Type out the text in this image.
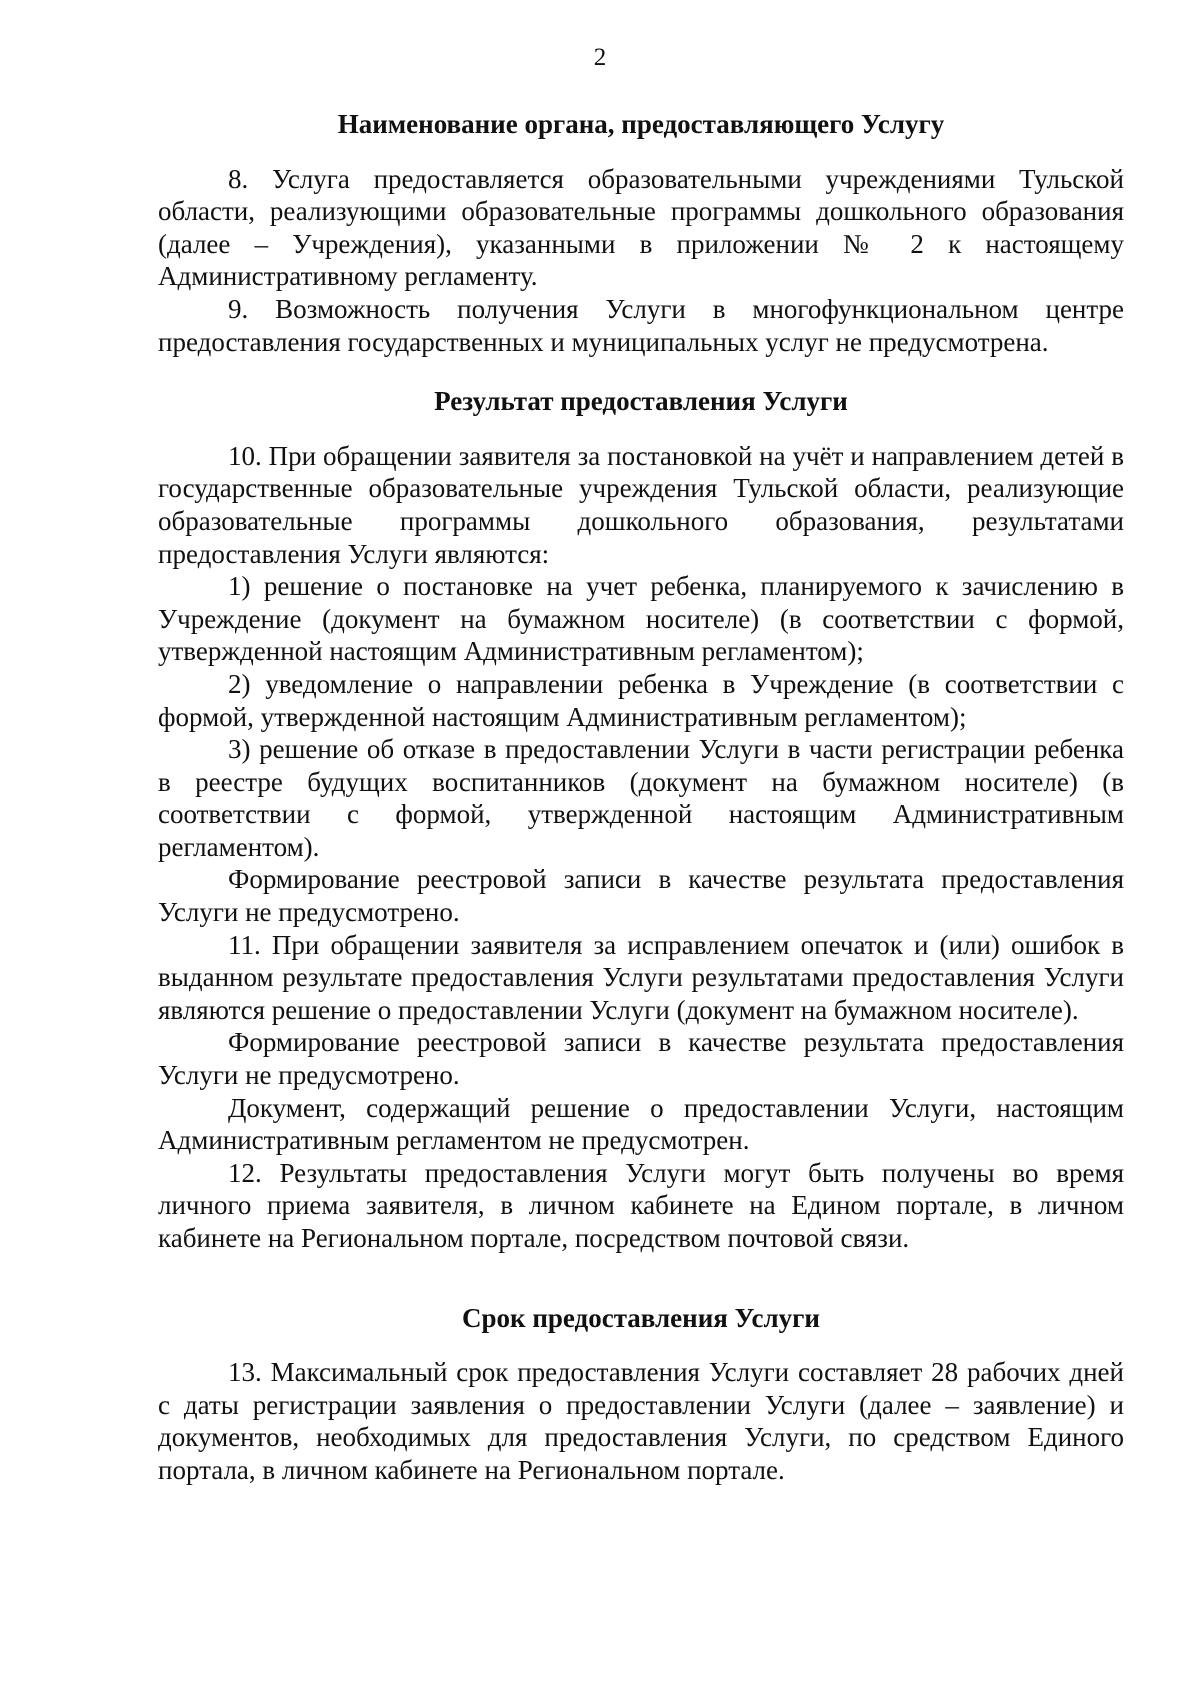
2

Наименование органа, предоставляющего Услугу

8. Услуга предоставляется образовательными учреждениями Тульской области, реализующими образовательные программы дошкольного образования (далее – Учреждения), указанными в приложении № 2 к настоящему Административному регламенту.

9. Возможность получения Услуги в многофункциональном центре предоставления государственных и муниципальных услуг не предусмотрена.

Результат предоставления Услуги

10. При обращении заявителя за постановкой на учёт и направлением детей в государственные образовательные учреждения Тульской области, реализующие образовательные программы дошкольного образования, результатами предоставления Услуги являются:

1) решение о постановке на учет ребенка, планируемого к зачислению в Учреждение (документ на бумажном носителе) (в соответствии с формой, утвержденной настоящим Административным регламентом);

2) уведомление о направлении ребенка в Учреждение (в соответствии с формой, утвержденной настоящим Административным регламентом);

3) решение об отказе в предоставлении Услуги в части регистрации ребенка в реестре будущих воспитанников (документ на бумажном носителе) (в соответствии с формой, утвержденной настоящим Административным регламентом).

Формирование реестровой записи в качестве результата предоставления Услуги не предусмотрено.

11. При обращении заявителя за исправлением опечаток и (или) ошибок в выданном результате предоставления Услуги результатами предоставления Услуги являются решение о предоставлении Услуги (документ на бумажном носителе).

Формирование реестровой записи в качестве результата предоставления Услуги не предусмотрено.

Документ, содержащий решение о предоставлении Услуги, настоящим Административным регламентом не предусмотрен.

12. Результаты предоставления Услуги могут быть получены во время личного приема заявителя, в личном кабинете на Едином портале, в личном кабинете на Региональном портале, посредством почтовой связи.

Срок предоставления Услуги

13. Максимальный срок предоставления Услуги составляет 28 рабочих дней с даты регистрации заявления о предоставлении Услуги (далее – заявление) и документов, необходимых для предоставления Услуги, по средством Единого портала, в личном кабинете на Региональном портале.
